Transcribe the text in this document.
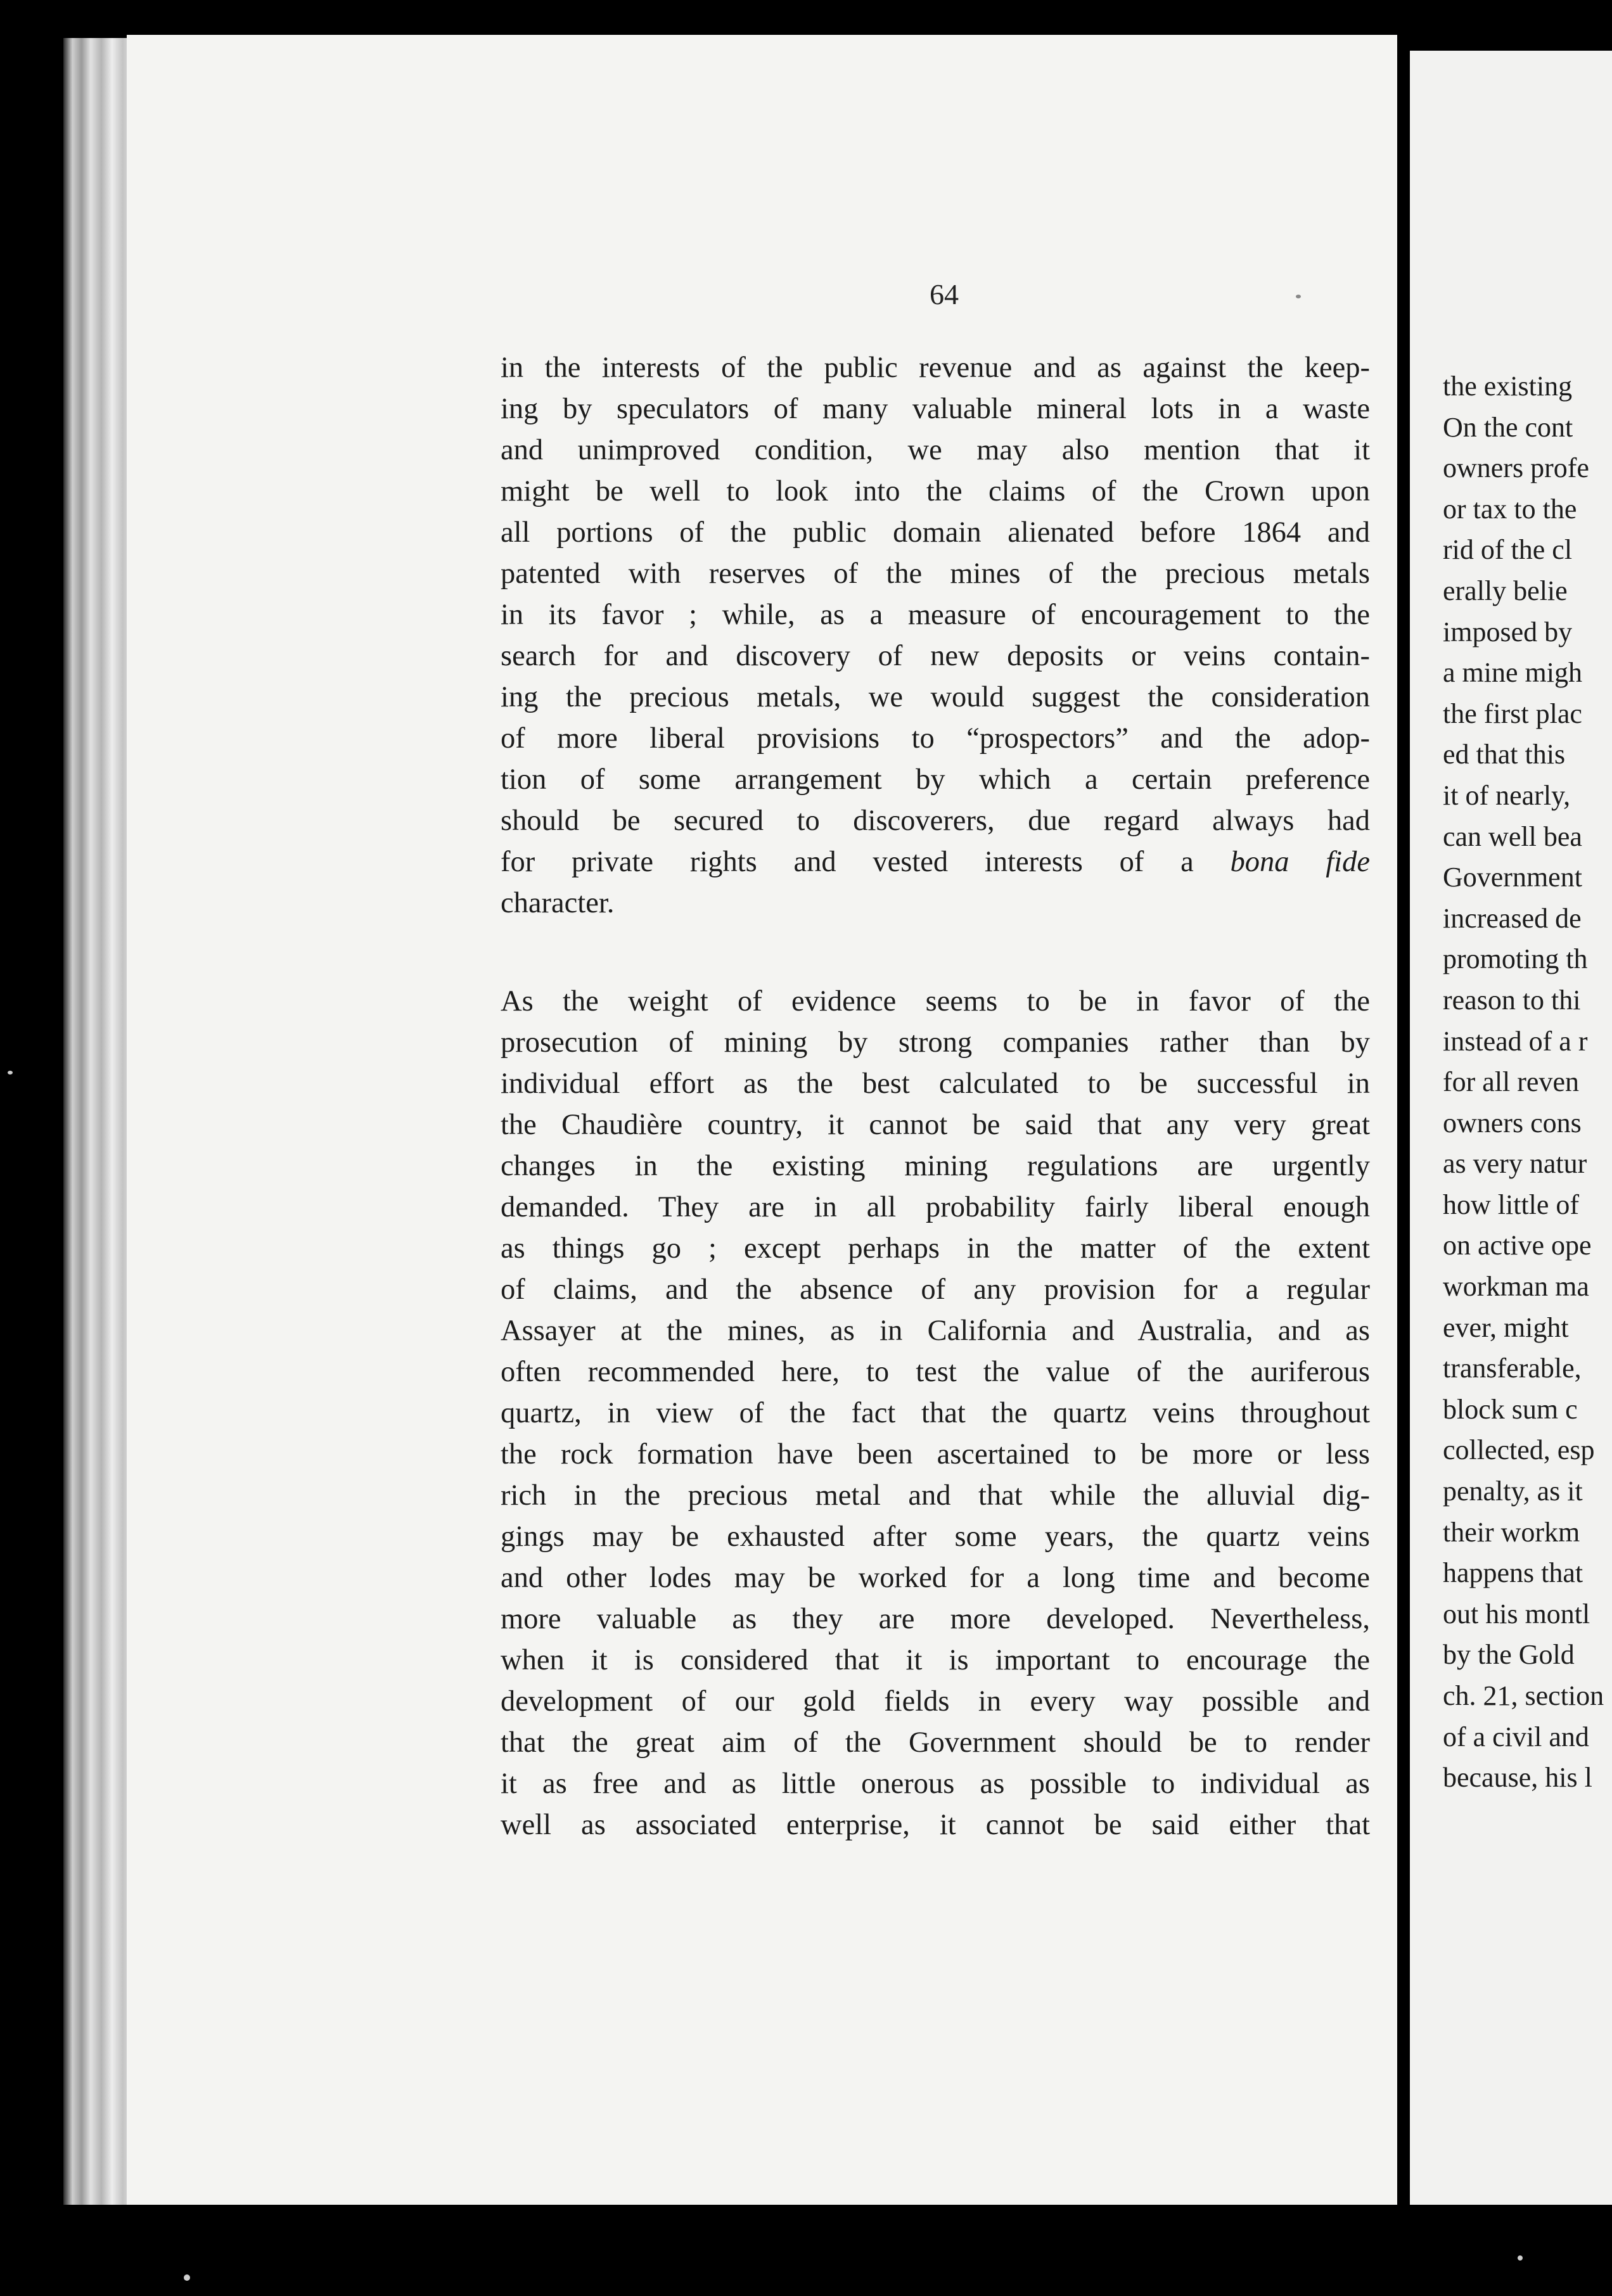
64
in the interests of the public revenue and as against the keep-
ing by speculators of many valuable mineral lots in a waste
and unimproved condition, we may also mention that it
might be well to look into the claims of the Crown upon
all portions of the public domain alienated before 1864 and
patented with reserves of the mines of the precious metals
in its favor ; while, as a measure of encouragement to the
search for and discovery of new deposits or veins contain-
ing the precious metals, we would suggest the consideration
of more liberal provisions to “prospectors” and the adop-
tion of some arrangement by which a certain preference
should be secured to discoverers, due regard always had
for private rights and vested interests of a bona fide
character.
As the weight of evidence seems to be in favor of the
prosecution of mining by strong companies rather than by
individual effort as the best calculated to be successful in
the Chaudière country, it cannot be said that any very great
changes in the existing mining regulations are urgently
demanded. They are in all probability fairly liberal enough
as things go ; except perhaps in the matter of the extent
of claims, and the absence of any provision for a regular
Assayer at the mines, as in California and Australia, and as
often recommended here, to test the value of the auriferous
quartz, in view of the fact that the quartz veins throughout
the rock formation have been ascertained to be more or less
rich in the precious metal and that while the alluvial dig-
gings may be exhausted after some years, the quartz veins
and other lodes may be worked for a long time and become
more valuable as they are more developed. Nevertheless,
when it is considered that it is important to encourage the
development of our gold fields in every way possible and
that the great aim of the Government should be to render
it as free and as little onerous as possible to individual as
well as associated enterprise, it cannot be said either that
the existing
On the cont
owners profe
or tax to the
rid of the cl
erally belie
imposed by
a mine migh
the first plac
ed that this
it of nearly,
can well bea
Government
increased de
promoting th
reason to thi
instead of a r
for all reven
owners cons
as very natur
how little of
on active ope
workman ma
ever, might
transferable,
block sum c
collected, esp
penalty, as it
their workm
happens that
out his montl
by the Gold
ch. 21, section
of a civil and
because, his l
